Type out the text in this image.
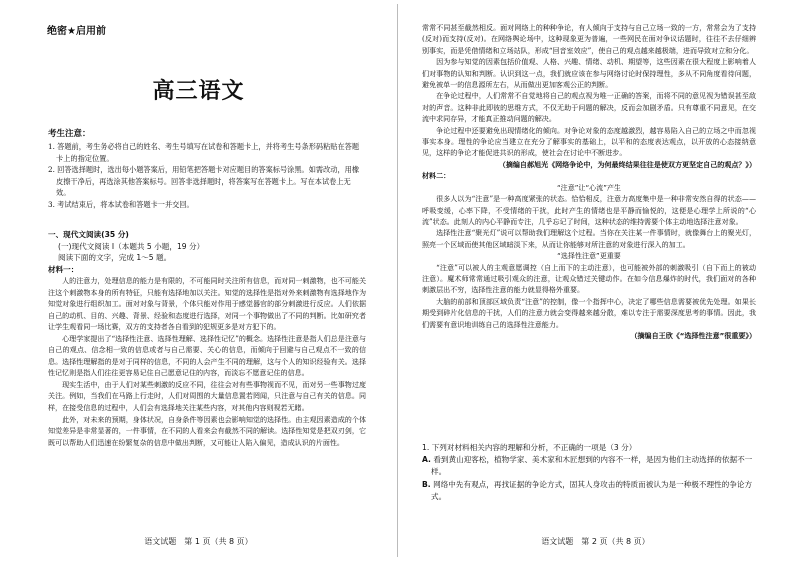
绝密★启用前
高三语文
考生注意：

1. 答题前，考生务必将自己的姓名、考生号填写在试卷和答题卡上，并将考生号条形码粘贴在答题卡上的指定位置。

2. 回答选择题时，选出每小题答案后，用铅笔把答题卡对应题目的答案标号涂黑。如需改动，用橡皮擦干净后，再选涂其他答案标号。回答非选择题时，将答案写在答题卡上。写在本试卷上无效。

3. 考试结束后，将本试卷和答题卡一并交回。

一、现代文阅读(35 分)
(一)现代文阅读 I（本题共 5 小题，19 分）
阅读下面的文字，完成 1～5 题。
材料一：

人的注意力，处理信息的能力是有限的，不可能同时关注所有信息，而对同一刺激物，也不可能关注这个刺激物本身的所有特征，只能有选择地加以关注。知觉的选择性是指对外来刺激物有选择地作为知觉对象进行组织加工。面对对象与背景，个体只能对作用于感觉器官的部分刺激进行反应。人们依据自己的动机、目的、兴趣、背景、经验和态度进行选择，对同一个事物做出了不同的判断。比如研究者让学生观看同一场比赛，双方的支持者各自看到的犯规更多是对方犯下的。

心理学家提出了“选择性注意、选择性理解、选择性记忆”的概念。选择性注意是指人们总是注意与自己的观点、信念相一致的信息或者与自己需要、关心的信息，而倾向于回避与自己观点不一致的信息。选择性理解指的是对于同样的信息，不同的人会产生不同的理解，这与个人的知识经验有关。选择性记忆则是指人们往往更容易记住自己愿意记住的内容，而淡忘不愿意记住的信息。

现实生活中，由于人们对某些刺激的反应不同，往往会对有些事物视而不见，而对另一些事物过度关注。例如，当我们在马路上行走时，人们对周围的大量信息置若罔闻，只注意与自己有关的信息。同样，在接受信息的过程中，人们会有选择地关注某些内容，对其他内容则视若无睹。

此外，对未来的预期，身体状况，自身条件等因素也会影响知觉的选择性。由主观因素造成的个体知觉差异是非常显著的，一件事情，在不同的人看来会有截然不同的解读。选择性知觉是把双刃剑，它既可以帮助人们迅速在纷繁复杂的信息中做出判断，又可能让人陷入偏见，造成认识的片面性。

语文试题　第 1 页（共 8 页）	语文试题　第 2 页（共 8 页）

常常不同甚至截然相反。面对网络上的种种争论，有人倾向于支持与自己立场一致的一方，常常会为了支持(反对)而支持(反对)。在网络舆论场中，这种现象更为普遍，一些网民在面对争议话题时，往往不去仔细辨别事实，而是凭借情绪和立场站队，形成“回音室效应”，使自己的观点越来越极端，进而导致对立和分化。

因为参与知觉的因素包括价值观、人格、兴趣、情绪、动机、期望等，这些因素在很大程度上影响着人们对事物的认知和判断。认识到这一点，我们就应该在参与网络讨论时保持理性，多从不同角度看待问题，避免被单一的信息源所左右，从而做出更加客观公正的判断。

在争论过程中，人们常常不自觉地将自己的观点视为唯一正确的答案，而将不同的意见视为错误甚至敌对的声音。这种非此即彼的思维方式，不仅无助于问题的解决，反而会加剧矛盾。只有尊重不同意见，在交流中求同存异，才能真正推动问题的解决。

争论过程中还要避免出现情绪化的倾向。对争论对象的态度越激烈，越容易陷入自己的立场之中而忽视事实本身。理性的争论应当建立在充分了解事实的基础上，以平和的态度表达观点，以开放的心态接纳意见，这样的争论才能促进共识的形成，使社会在讨论中不断进步。

（摘编自郝旭光《网络争论中，为何最终结果往往是使双方更坚定自己的观点？》）

材料二：

“注意”让“心流”产生

很多人以为“注意”是一种高度紧张的状态。恰恰相反，注意力高度集中是一种非常安然自得的状态——呼吸变缓，心率下降，不受情绪的干扰，此时产生的情绪也是平静而愉悦的，这便是心理学上所说的“心流”状态。此刻人的内心平静而专注，几乎忘记了时间，这种状态的维持需要个体主动地选择注意对象。

选择性注意“聚光灯”说可以帮助我们理解这个过程。当你在关注某一件事情时，就像舞台上的聚光灯，照亮一个区域而使其他区域暗淡下来，从而让你能够对所注意的对象进行深入的加工。

“选择性注意”更重要

“注意”可以被人的主观意愿调控（自上而下的主动注意），也可能被外部的刺激吸引（自下而上的被动注意）。魔术师常常通过吸引观众的注意，让观众错过关键动作。在如今信息爆炸的时代，我们面对的各种刺激层出不穷，选择性注意的能力就显得格外重要。

大脑的前部和顶部区域负责“注意”的控制，像一个指挥中心，决定了哪些信息需要被优先处理。如果长期受到碎片化信息的干扰，人们的注意力就会变得越来越分散，难以专注于需要深度思考的事情。因此，我们需要有意识地训练自己的选择性注意能力。

（摘编自王欣《“选择性注意”很重要》）

1. 下列对材料相关内容的理解和分析，不正确的一项是（3 分）

A. 看到黄山迎客松，植物学家、美术家和木匠想到的内容不一样，是因为他们主动选择的依据不一样。

B. 网络中先有观点，再找证据的争论方式，固其人身攻击的特质而被认为是一种极不理性的争论方式。
